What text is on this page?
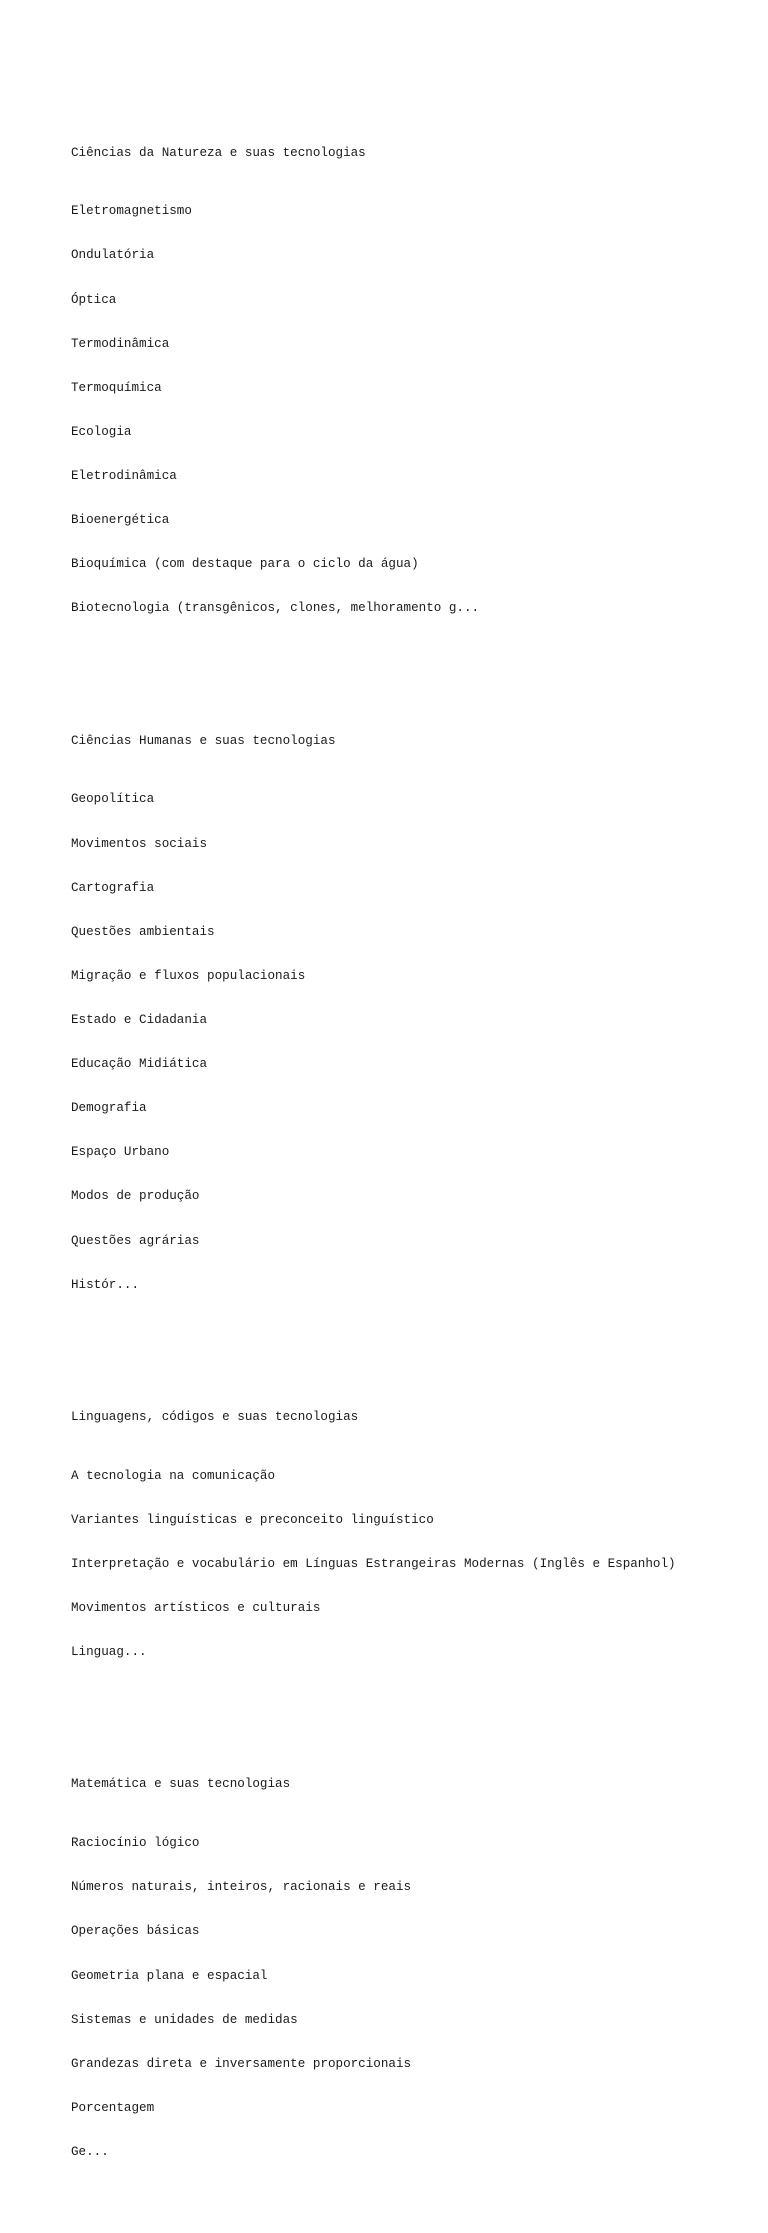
Ciências da Natureza e suas tecnologias

Eletromagnetismo

Ondulatória

Óptica

Termodinâmica

Termoquímica

Ecologia

Eletrodinâmica

Bioenergética

Bioquímica (com destaque para o ciclo da água)

Biotecnologia (transgênicos, clones, melhoramento g...

Ciências Humanas e suas tecnologias

Geopolítica

Movimentos sociais

Cartografia

Questões ambientais

Migração e fluxos populacionais

Estado e Cidadania

Educação Midiática

Demografia

Espaço Urbano

Modos de produção

Questões agrárias

Histór...

Linguagens, códigos e suas tecnologias

A tecnologia na comunicação

Variantes linguísticas e preconceito linguístico

Interpretação e vocabulário em Línguas Estrangeiras Modernas (Inglês e Espanhol)

Movimentos artísticos e culturais

Linguag...

Matemática e suas tecnologias

Raciocínio lógico

Números naturais, inteiros, racionais e reais

Operações básicas

Geometria plana e espacial

Sistemas e unidades de medidas

Grandezas direta e inversamente proporcionais

Porcentagem

Ge...
